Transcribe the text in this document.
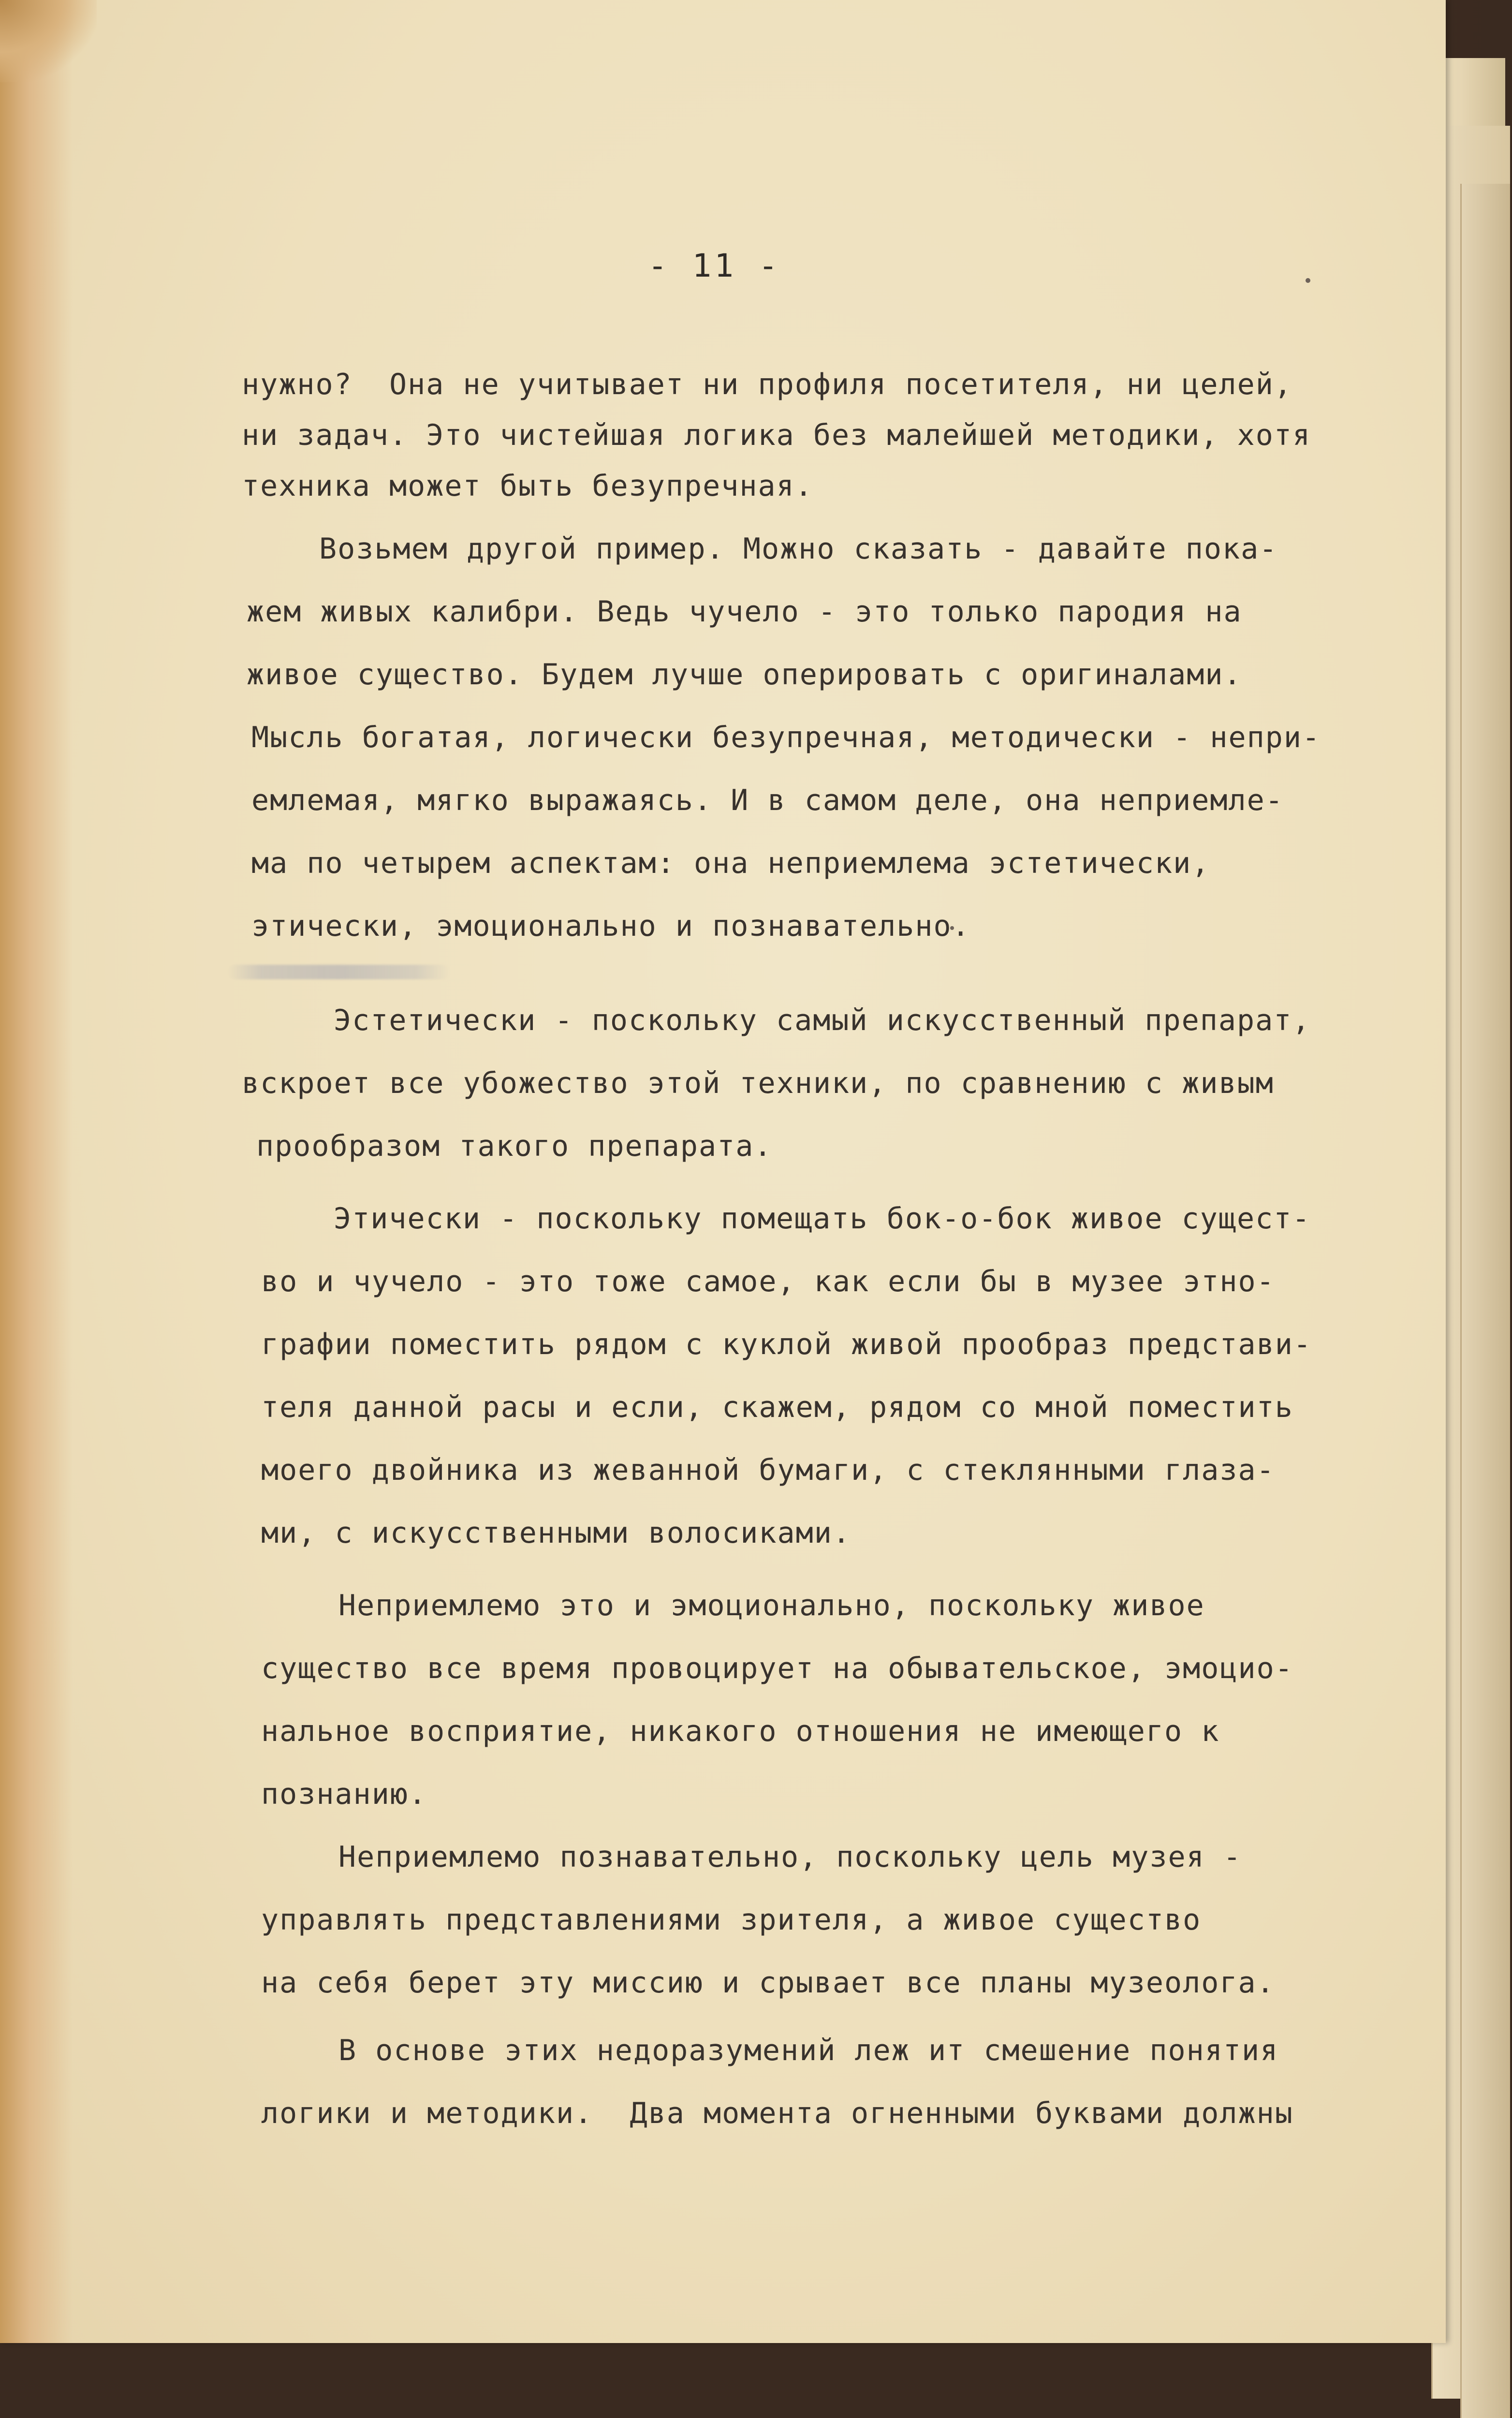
- 11 -
нужно?  Она не учитывает ни профиля посетителя, ни целей,
ни задач. Это чистейшая логика без малейшей методики, хотя
техника может быть безупречная.
Возьмем другой пример. Можно сказать - давайте пока-
жем живых калибри. Ведь чучело - это только пародия на
живое существо. Будем лучше оперировать с оригиналами.
Мысль богатая, логически безупречная, методически - непри-
емлемая, мягко выражаясь. И в самом деле, она неприемле-
ма по четырем аспектам: она неприемлема эстетически,
этически, эмоционально и познавательно.
Эстетически - поскольку самый искусственный препарат,
вскроет все убожество этой техники, по сравнению с живым
прообразом такого препарата.
Этически - поскольку помещать бок-о-бок живое сущест-
во и чучело - это тоже самое, как если бы в музее этно-
графии поместить рядом с куклой живой прообраз представи-
теля данной расы и если, скажем, рядом со мной поместить
моего двойника из жеванной бумаги, с стеклянными глаза-
ми, с искусственными волосиками.
Неприемлемо это и эмоционально, поскольку живое
существо все время провоцирует на обывательское, эмоцио-
нальное восприятие, никакого отношения не имеющего к
познанию.
Неприемлемо познавательно, поскольку цель музея -
управлять представлениями зрителя, а живое существо
на себя берет эту миссию и срывает все планы музеолога.
В основе этих недоразумений леж ит смешение понятия
логики и методики.  Два момента огненными буквами должны
